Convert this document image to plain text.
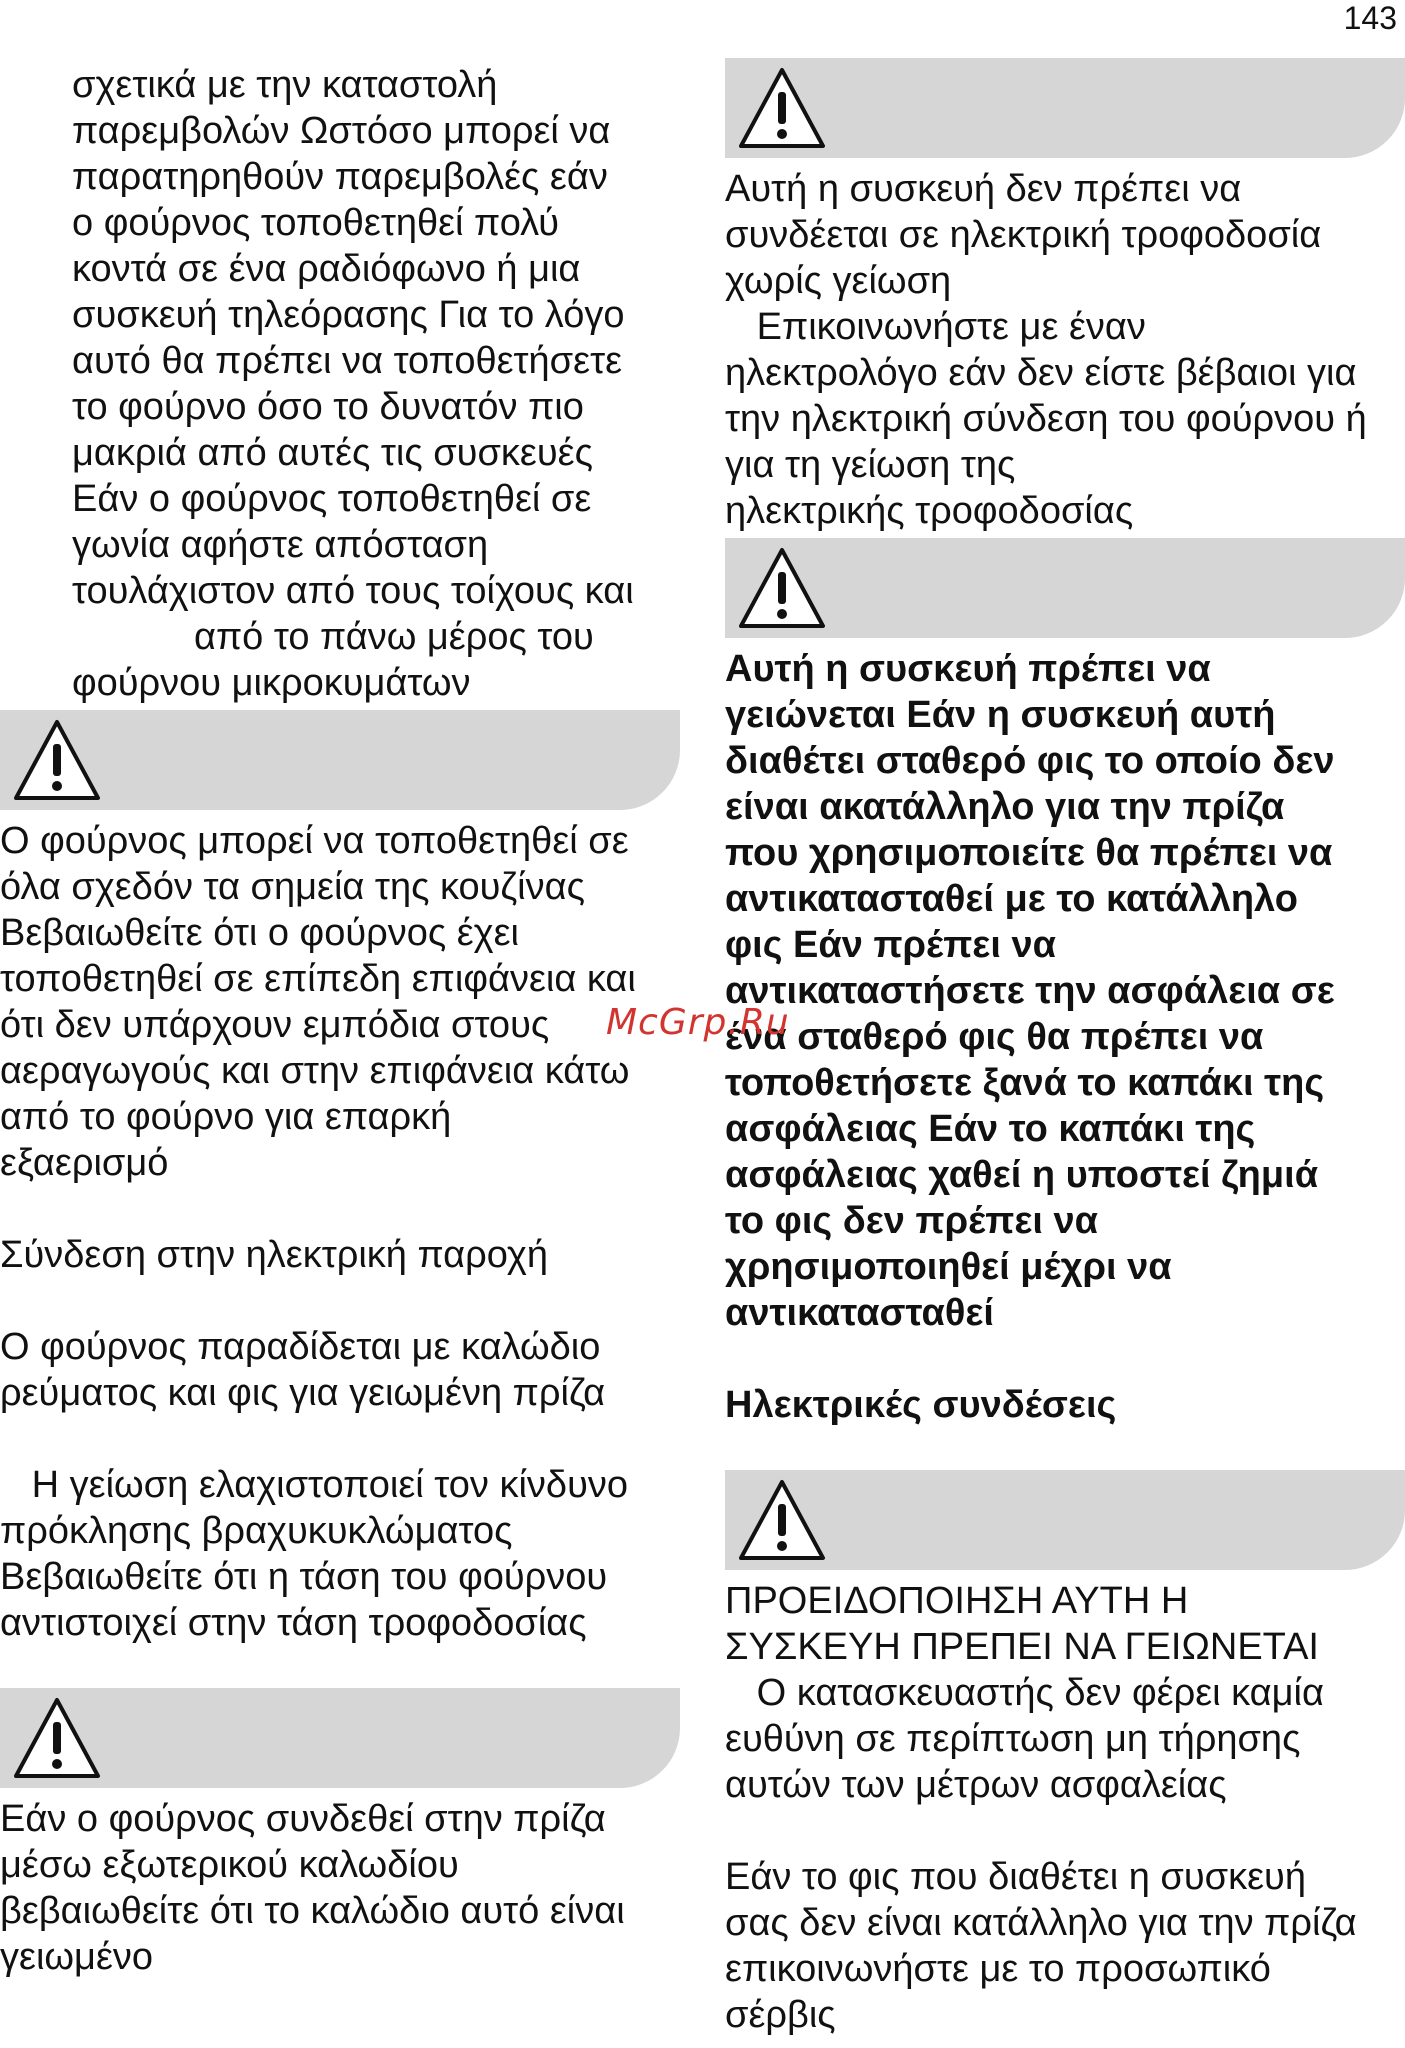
143
σχετικά με την καταστολή
παρεμβολών Ωστόσο μπορεί να
παρατηρηθούν παρεμβολές εάν
ο φούρνος τοποθετηθεί πολύ
κοντά σε ένα ραδιόφωνο ή μια
συσκευή τηλεόρασης Για το λόγο
αυτό θα πρέπει να τοποθετήσετε
το φούρνο όσο το δυνατόν πιο
μακριά από αυτές τις συσκευές
Εάν ο φούρνος τοποθετηθεί σε
γωνία αφήστε απόσταση
τουλάχιστον από τους τοίχους και
από το πάνω μέρος του
φούρνου μικροκυμάτων
Ο φούρνος μπορεί να τοποθετηθεί σε
όλα σχεδόν τα σημεία της κουζίνας
Βεβαιωθείτε ότι ο φούρνος έχει
τοποθετηθεί σε επίπεδη επιφάνεια και
ότι δεν υπάρχουν εμπόδια στους
αεραγωγούς και στην επιφάνεια κάτω
από το φούρνο για επαρκή
εξαερισμό
Σύνδεση στην ηλεκτρική παροχή
Ο φούρνος παραδίδεται με καλώδιο
ρεύματος και φις για γειωμένη πρίζα
Η γείωση ελαχιστοποιεί τον κίνδυνο
πρόκλησης βραχυκυκλώματος
Βεβαιωθείτε ότι η τάση του φούρνου
αντιστοιχεί στην τάση τροφοδοσίας
Εάν ο φούρνος συνδεθεί στην πρίζα
μέσω εξωτερικού καλωδίου
βεβαιωθείτε ότι το καλώδιο αυτό είναι
γειωμένο
Αυτή η συσκευή δεν πρέπει να
συνδέεται σε ηλεκτρική τροφοδοσία
χωρίς γείωση
Επικοινωνήστε με έναν
ηλεκτρολόγο εάν δεν είστε βέβαιοι για
την ηλεκτρική σύνδεση του φούρνου ή
για τη γείωση της
ηλεκτρικής τροφοδοσίας
Αυτή η συσκευή πρέπει να
γειώνεται Εάν η συσκευή αυτή
διαθέτει σταθερό φις το οποίο δεν
είναι ακατάλληλο για την πρίζα
που χρησιμοποιείτε θα πρέπει να
αντικατασταθεί με το κατάλληλο
φις Εάν πρέπει να
αντικαταστήσετε την ασφάλεια σε
ένα σταθερό φις θα πρέπει να
τοποθετήσετε ξανά το καπάκι της
ασφάλειας Εάν το καπάκι της
ασφάλειας χαθεί η υποστεί ζημιά
το φις δεν πρέπει να
χρησιμοποιηθεί μέχρι να
αντικατασταθεί
Ηλεκτρικές συνδέσεις
ΠΡΟΕΙΔΟΠΟΙΗΣΗ ΑΥΤΗ Η
ΣΥΣΚΕΥΗ ΠΡΕΠΕΙ ΝΑ ΓΕΙΩΝΕΤΑΙ
Ο κατασκευαστής δεν φέρει καμία
ευθύνη σε περίπτωση μη τήρησης
αυτών των μέτρων ασφαλείας
Εάν το φις που διαθέτει η συσκευή
σας δεν είναι κατάλληλο για την πρίζα
επικοινωνήστε με το προσωπικό
σέρβις
McGrp.Ru
